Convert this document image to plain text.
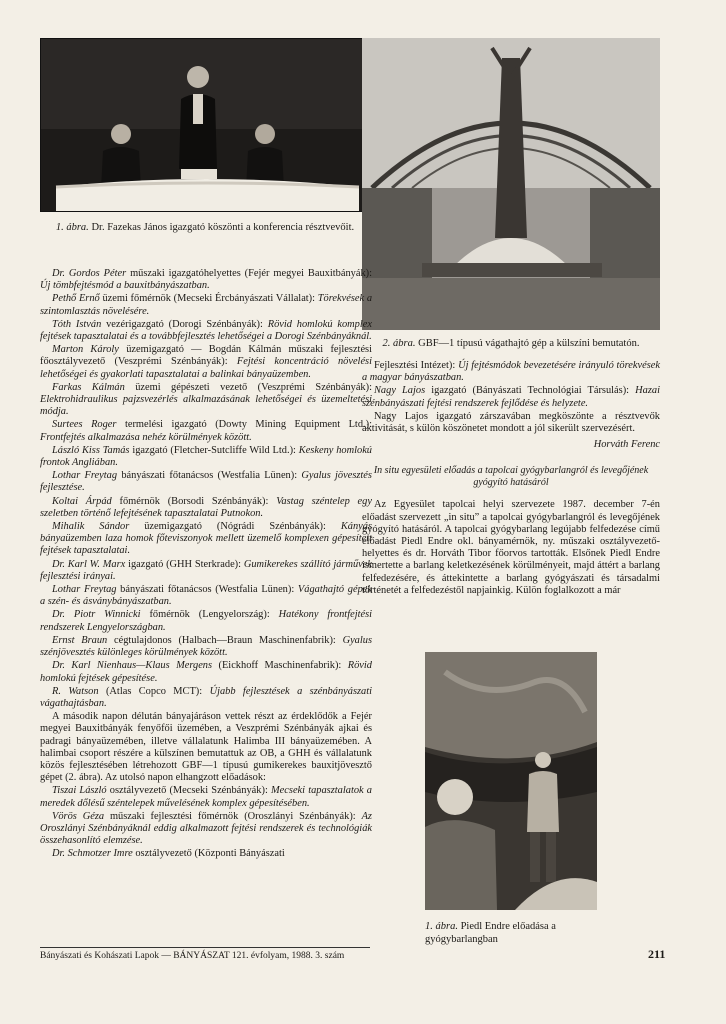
1. ábra. Dr. Fazekas János igazgató köszönti a konferencia résztvevőit.
2. ábra. GBF—1 típusú vágathajtó gép a külszíni bemutatón.

Dr. Gordos Péter műszaki igazgatóhelyettes (Fejér megyei Bauxitbányák): Új tömbfejtésmód a bauxitbányászatban.

Pethő Ernő üzemi főmérnök (Mecseki Ércbányászati Vállalat): Törekvések a szintomlasztás növelésére.

Tóth István vezérigazgató (Dorogi Szénbányák): Rövid homlokú komplex fejtések tapasztalatai és a továbbfejlesztés lehetőségei a Dorogi Szénbányáknál.

Marton Károly üzemigazgató — Bogdán Kálmán műszaki fejlesztési főosztályvezető (Veszprémi Szénbányák): Fejtési koncentráció növelési lehetőségei és gyakorlati tapasztalatai a balinkai bányaüzemben.

Farkas Kálmán üzemi gépészeti vezető (Veszprémi Szénbányák): Elektrohidraulikus pajzsvezérlés alkalmazásának lehetőségei és üzemeltetési módja.

Surtees Roger termelési igazgató (Dowty Mining Equipment Ltd.): Frontfejtés alkalmazása nehéz körülmények között.

László Kiss Tamás igazgató (Fletcher-Sutcliffe Wild Ltd.): Keskeny homlokú frontok Angliában.

Lothar Freytag bányászati főtanácsos (Westfalia Lünen): Gyalus jövesztés fejlesztése.

Koltai Árpád főmérnök (Borsodi Szénbányák): Vastag széntelep egy szeletben történő lefejtésének tapasztalatai Putnokon.

Mihalik Sándor üzemigazgató (Nógrádi Szénbányák): Kányás bányaüzemben laza homok főteviszonyok mellett üzemelő komplexen gépesített fejtések tapasztalatai.

Dr. Karl W. Marx igazgató (GHH Sterkrade): Gumikerekes szállító járművek fejlesztési irányai.

Lothar Freytag bányászati főtanácsos (Westfalia Lünen): Vágathajtó gépek a szén- és ásványbányászatban.

Dr. Piotr Winnicki főmérnök (Lengyelország): Hatékony frontfejtési rendszerek Lengyelországban.

Ernst Braun cégtulajdonos (Halbach—Braun Maschinenfabrik): Gyalus szénjövesztés különleges körülmények között.

Dr. Karl Nienhaus—Klaus Mergens (Eickhoff Maschinenfabrik): Rövid homlokú fejtések gépesítése.

R. Watson (Atlas Copco MCT): Újabb fejlesztések a szénbányászati vágathajtásban.

A második napon délután bányajáráson vettek részt az érdeklődők a Fejér megyei Bauxitbányák fenyőfői üzemében, a Veszprémi Szénbányák ajkai és padragi bányaüzemében, illetve vállalatunk Halimba III bányaüzemében. A halimbai csoport részére a külszínen bemutattuk az OB, a GHH és vállalatunk közös fejlesztésében létrehozott GBF—1 típusú gumikerekes bauxitjövesztő gépet (2. ábra). Az utolsó napon elhangzott előadások:

Tiszai László osztályvezető (Mecseki Szénbányák): Mecseki tapasztalatok a meredek dőlésű széntelepek művelésének komplex gépesítésében.

Vörös Géza műszaki fejlesztési főmérnök (Oroszlányi Szénbányák): Az Oroszlányi Szénbányáknál eddig alkalmazott fejtési rendszerek és technológiák összehasonlító elemzése.

Dr. Schmotzer Imre osztályvezető (Központi Bányászati

Fejlesztési Intézet): Új fejtésmódok bevezetésére irányuló törekvések a magyar bányászatban.

Nagy Lajos igazgató (Bányászati Technológiai Társulás): Hazai szénbányászati fejtési rendszerek fejlődése és helyzete.

Nagy Lajos igazgató zárszavában megköszönte a résztvevők aktivitását, s külön köszönetet mondott a jól sikerült szervezésért.

Horváth Ferenc
In situ egyesületi előadás a tapolcai gyógybarlangról és levegőjének gyógyító hatásáról

Az Egyesület tapolcai helyi szervezete 1987. december 7-én előadást szervezett „in situ” a tapolcai gyógybarlangról és levegőjének gyógyító hatásáról. A tapolcai gyógybarlang legújabb felfedezése című előadást Piedl Endre okl. bányamérnök, ny. műszaki osztályvezető-helyettes és dr. Horváth Tibor főorvos tartották. Elsőnek Piedl Endre ismertette a barlang keletkezésének körülményeit, majd áttért a barlang felfedezésére, és áttekintette a barlang gyógyászati és társadalmi történetét a felfedezéstől napjainkig. Külön foglalkozott a már

1. ábra. Piedl Endre előadása a gyógybarlangban
Bányászati és Kohászati Lapok — BÁNYÁSZAT 121. évfolyam, 1988. 3. szám	211
